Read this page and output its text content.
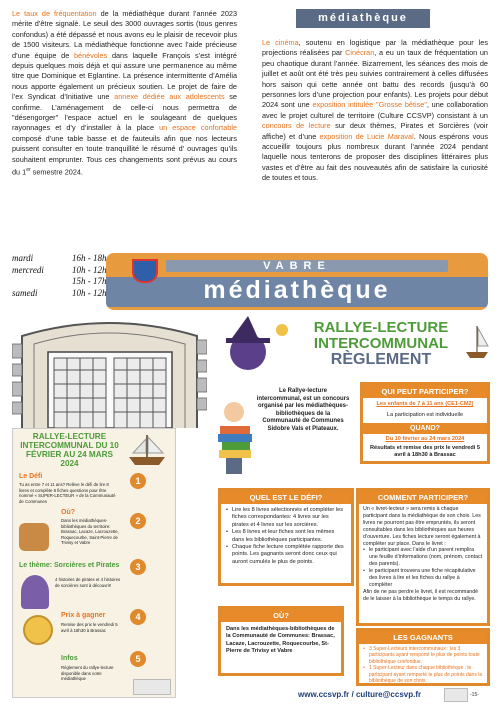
médiathèque
Le taux de fréquentation de la médiathèque durant l’année 2023 mérite d’être signalé. Le seuil des 3000 ouvrages sortis (tous genres confondus) a été dépassé et nous avons eu le plaisir de recevoir plus de 1500 visiteurs. La médiathèque fonctionne avec l’aide précieuse d’une équipe de bénévoles dans laquelle François s’est intégré depuis quelques mois déjà et qui assure une permanence au même titre que Dominique et Eglantine. La présence intermittente d’Amélia nous apporte également un précieux soutien. Le projet de faire de l’ex Syndicat d’Initiative une annexe dédiée aux adolescents se confirme. L’aménagement de celle-ci nous permettra de "désengorger" l’espace actuel en le soulageant de quelques rayonnages et d’y d’installer à la place un espace confortable composé d’une table basse et de fauteuils afin que nos lecteurs puissent consulter en toute tranquillité le résumé d’ ouvrages qu’ils souhaitent emprunter. Tous ces changements sont prévus au cours du 1er semestre 2024.
Le cinéma, soutenu en logistique par la médiathèque pour les projections réalisées par Cinécran, a eu un taux de fréquentation un peu chaotique durant l’année. Bizarrement, les séances des mois de juillet et août ont été très peu suivies contrairement à celles diffusées hors saison qui cette année ont battu des records (jusqu’à 60 personnes lors d’une projection pour enfants). Les projets pour début 2024 sont une exposition intitulée "Grosse bêtise", une collaboration avec le projet culturel de territoire (Culture CCSVP) consistant à un concours de lecture sur deux thèmes, Pirates et Sorcières (voir affiche) et d’une exposition de Lucie Maraval. Nous espérons vous accueillir toujours plus nombreux durant l’année 2024 pendant laquelle nous tenterons de proposer des disciplines littéraires plus vastes et d’être au fait des nouveautés afin de satisfaire la curiosité de toutes et tous.
mardi	16h - 18h
mercredi	10h - 12h
15h - 17h
samedi	10h - 12h
VABRE
médiathèque
RALLYE-LECTURE INTERCOMMUNAL DU 10 FÉVRIER AU 24 MARS 2024
Le Défi
Tu as entre 7 et 11 ans? Relève le défi de lire 8 livres et complète 8 fiches questions pour être nommé « SUPER-LECTEUR » de la Communauté de Communes
Où?
Dans les médiathèques-bibliothèques du territoire: Brassac, Lacaze, Lacrouzette, Roquecourbe, Saint-Pierre de Trivisy et Vabre
Le thème: Sorcières et Pirates
4 histoires de pirates et 4 histoires de sorcières sont à découvrir!
Prix à gagner
Remise des prix le vendredi 5 avril à 18h30 à Brassac
Infos
Règlement du rallye-lecture disponible dans votre médiathèque
1
2
3
4
5
RALLYE-LECTURE
INTERCOMMUNAL
RÈGLEMENT
Le Rallye-lecture intercommunal, est un concours organisé par les médiathèques-bibliothèques de la Communauté de Communes Sidobre Vals et Plateaux.
QUI PEUT PARTICIPER?
Les enfants de 7 à 11 ans (CE1-CM2)
La participation est individuelle
QUAND?
Du 10 février au 24 mars 2024
Résultats et remise des prix le vendredi 5 avril à 18h30 à Brassac
QUEL EST LE DÉFI?
• Lire les 8 livres sélectionnés et compléter les fiches correspondantes: 4 livres sur les pirates et 4 livres sur les sorcières.
• Les 8 livres et leur fiches sont les mêmes dans les bibliothèques participantes.
• Chaque fiche lecture complétée rapporte des points. Les gagnants seront donc ceux qui auront cumulés le plus de points.
COMMENT PARTICIPER?
Un « livret-lecteur » sera remis à chaque participant dans la médiathèque de son choix. Les livres ne pourront pas être empruntés, ils seront consultables dans les bibliothèques aux heures d’ouverture. Les fiches lecture seront également à compléter sur place. Dans le livret :
• le participant avec l’aide d’un parent remplira une feuille d’informations (nom, prénom, contact des parents).
• le participant trouvera une fiche récapitulative des livres à lire et les fiches du rallye à compléter
Afin de ne pas perdre le livret, il est recommandé de le laisser à la bibliothèque le temps du rallye.
OÙ?
Dans les médiathèques-bibliothèques de la Communauté de Communes: Brassac, Lacaze, Lacrouzette, Roquecourbe, St-Pierre de Trivisy et Vabre
LES GAGNANTS
• 3 Super-Lecteurs intercommunaux : les 3 participants ayant remporté le plus de points toute bibliothèque confondue.
• 1 Super-Lecteur dans chaque bibliothèque : le participant ayant remporté le plus de points dans la bibliothèque de son choix.
www.ccsvp.fr / culture@ccsvp.fr	-15-
